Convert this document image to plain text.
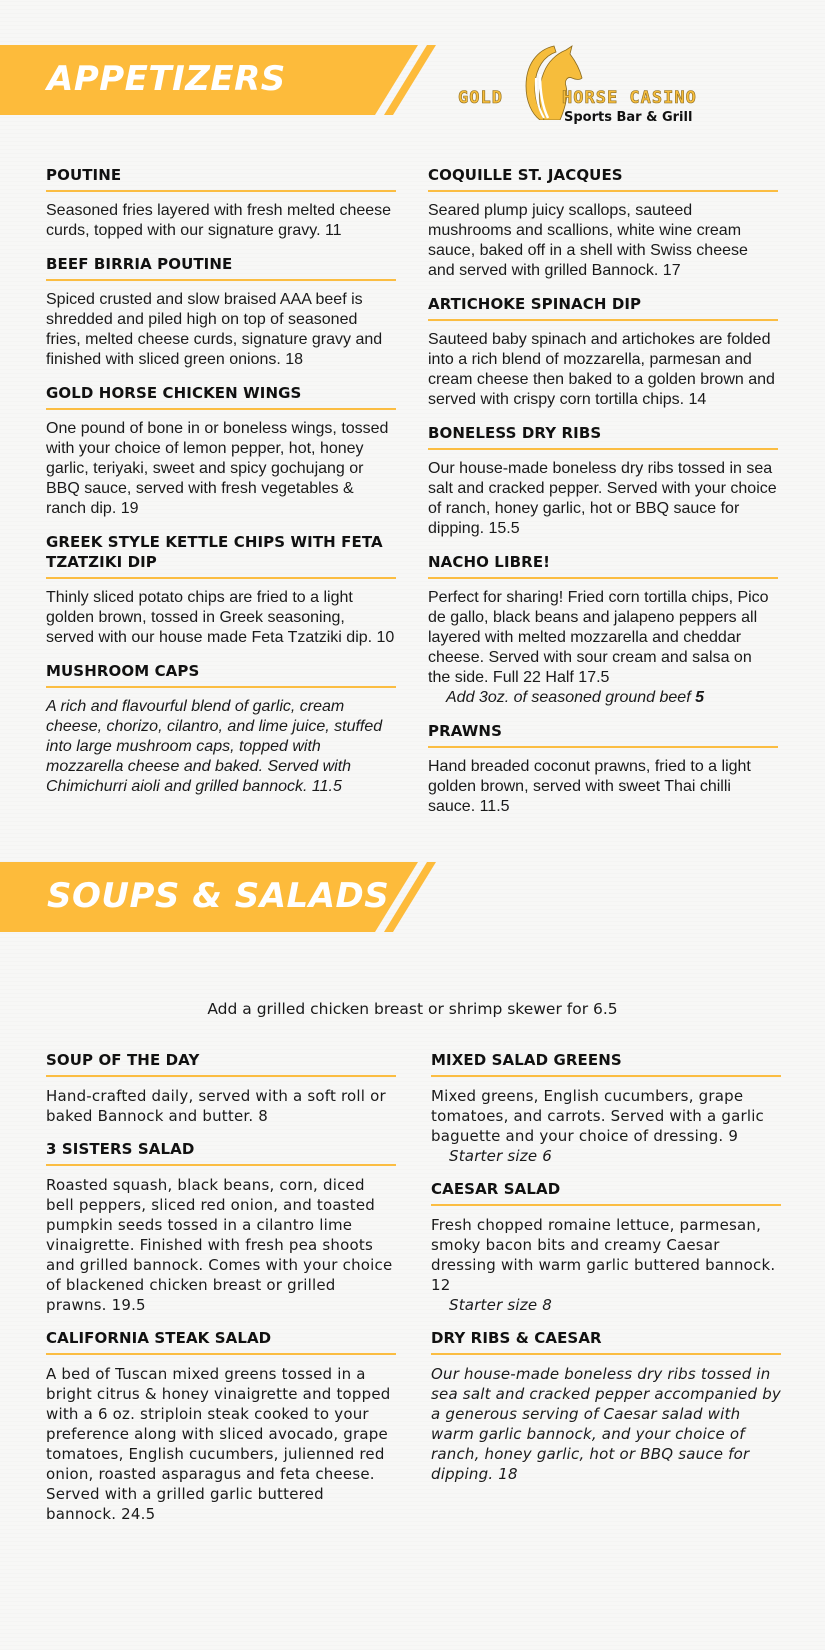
APPETIZERS	GOLD	HORSE CASINO
Sports Bar & Grill
POUTINE

Seasoned fries layered with fresh melted cheese curds, topped with our signature gravy. 11

BEEF BIRRIA POUTINE

Spiced crusted and slow braised AAA beef is shredded and piled high on top of seasoned fries, melted cheese curds, signature gravy and finished with sliced green onions. 18

GOLD HORSE CHICKEN WINGS

One pound of bone in or boneless wings, tossed with your choice of lemon pepper, hot, honey garlic, teriyaki, sweet and spicy gochujang or BBQ sauce, served with fresh vegetables & ranch dip. 19

GREEK STYLE KETTLE CHIPS WITH FETA TZATZIKI DIP

Thinly sliced potato chips are fried to a light golden brown, tossed in Greek seasoning, served with our house made Feta Tzatziki dip. 10

MUSHROOM CAPS

A rich and flavourful blend of garlic, cream cheese, chorizo, cilantro, and lime juice, stuffed into large mushroom caps, topped with mozzarella cheese and baked. Served with Chimichurri aioli and grilled bannock. 11.5

COQUILLE ST. JACQUES

Seared plump juicy scallops, sauteed mushrooms and scallions, white wine cream sauce, baked off in a shell with Swiss cheese and served with grilled Bannock. 17

ARTICHOKE SPINACH DIP

Sauteed baby spinach and artichokes are folded into a rich blend of mozzarella, parmesan and cream cheese then baked to a golden brown and served with crispy corn tortilla chips. 14

BONELESS DRY RIBS

Our house-made boneless dry ribs tossed in sea salt and cracked pepper. Served with your choice of ranch, honey garlic, hot or BBQ sauce for dipping. 15.5

NACHO LIBRE!

Perfect for sharing! Fried corn tortilla chips, Pico de gallo, black beans and jalapeno peppers all layered with melted mozzarella and cheddar cheese. Served with sour cream and salsa on the side. Full 22 Half 17.5
Add 3oz. of seasoned ground beef 5

PRAWNS

Hand breaded coconut prawns, fried to a light golden brown, served with sweet Thai chilli sauce. 11.5

SOUPS & SALADS
Add a grilled chicken breast or shrimp skewer for 6.5
SOUP OF THE DAY

Hand-crafted daily, served with a soft roll or baked Bannock and butter. 8

3 SISTERS SALAD

Roasted squash, black beans, corn, diced bell peppers, sliced red onion, and toasted pumpkin seeds tossed in a cilantro lime vinaigrette. Finished with fresh pea shoots and grilled bannock. Comes with your choice of blackened chicken breast or grilled prawns. 19.5

CALIFORNIA STEAK SALAD

A bed of Tuscan mixed greens tossed in a bright citrus & honey vinaigrette and topped with a 6 oz. striploin steak cooked to your preference along with sliced avocado, grape tomatoes, English cucumbers, julienned red onion, roasted asparagus and feta cheese. Served with a grilled garlic buttered bannock. 24.5

MIXED SALAD GREENS

Mixed greens, English cucumbers, grape tomatoes, and carrots. Served with a garlic baguette and your choice of dressing. 9
Starter size 6

CAESAR SALAD

Fresh chopped romaine lettuce, parmesan, smoky bacon bits and creamy Caesar dressing with warm garlic buttered bannock. 12
Starter size 8

DRY RIBS & CAESAR

Our house-made boneless dry ribs tossed in sea salt and cracked pepper accompanied by a generous serving of Caesar salad with warm garlic bannock, and your choice of ranch, honey garlic, hot or BBQ sauce for dipping. 18
